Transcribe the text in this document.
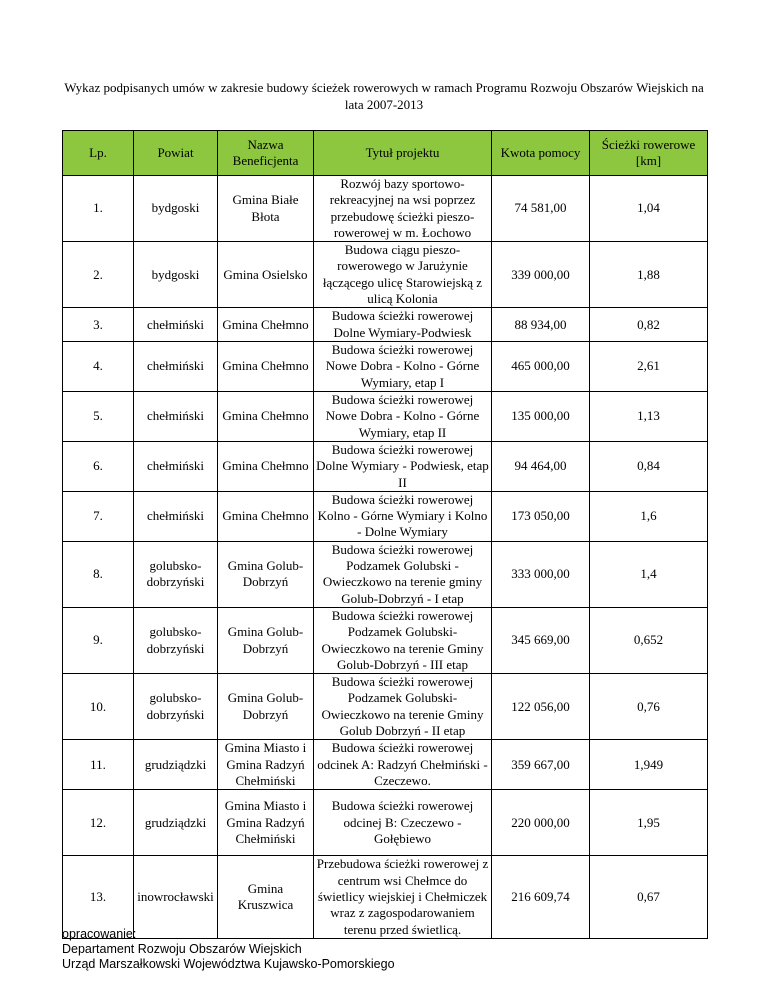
Wykaz podpisanych umów w zakresie budowy ścieżek rowerowych w ramach Programu Rozwoju Obszarów Wiejskich na lata 2007-2013
Lp.	Powiat	Nazwa Beneficjenta	Tytuł projektu	Kwota pomocy	Ścieżki rowerowe [km]
1.	bydgoski	Gmina Białe Błota	Rozwój bazy sportowo-rekreacyjnej na wsi poprzez przebudowę ścieżki pieszo-rowerowej w m. Łochowo	74 581,00	1,04
2.	bydgoski	Gmina Osielsko	Budowa ciągu pieszo-rowerowego w Jarużynie łączącego ulicę Starowiejską z ulicą Kolonia	339 000,00	1,88
3.	chełmiński	Gmina Chełmno	Budowa ścieżki rowerowej Dolne Wymiary-Podwiesk	88 934,00	0,82
4.	chełmiński	Gmina Chełmno	Budowa ścieżki rowerowej Nowe Dobra - Kolno - Górne Wymiary, etap I	465 000,00	2,61
5.	chełmiński	Gmina Chełmno	Budowa ścieżki rowerowej Nowe Dobra - Kolno - Górne Wymiary, etap II	135 000,00	1,13
6.	chełmiński	Gmina Chełmno	Budowa ścieżki rowerowej Dolne Wymiary - Podwiesk, etap II	94 464,00	0,84
7.	chełmiński	Gmina Chełmno	Budowa ścieżki rowerowej Kolno - Górne Wymiary i Kolno - Dolne Wymiary	173 050,00	1,6
8.	golubsko-dobrzyński	Gmina Golub-Dobrzyń	Budowa ścieżki rowerowej Podzamek Golubski - Owieczkowo na terenie gminy Golub-Dobrzyń - I etap	333 000,00	1,4
9.	golubsko-dobrzyński	Gmina Golub-Dobrzyń	Budowa ścieżki rowerowej Podzamek Golubski-Owieczkowo na terenie Gminy Golub-Dobrzyń - III etap	345 669,00	0,652
10.	golubsko-dobrzyński	Gmina Golub-Dobrzyń	Budowa ścieżki rowerowej Podzamek Golubski-Owieczkowo na terenie Gminy Golub Dobrzyń - II etap	122 056,00	0,76
11.	grudziądzki	Gmina Miasto i Gmina Radzyń Chełmiński	Budowa ścieżki rowerowej odcinek A: Radzyń Chełmiński - Czeczewo.	359 667,00	1,949
12.	grudziądzki	Gmina Miasto i Gmina Radzyń Chełmiński	Budowa ścieżki rowerowej odcinej B: Czeczewo - Gołębiewo	220 000,00	1,95
13.	inowrocławski	Gmina Kruszwica	Przebudowa ścieżki rowerowej z centrum wsi Chełmce do świetlicy wiejskiej i Chełmiczek wraz z zagospodarowaniem terenu przed świetlicą.	216 609,74	0,67
opracowanie:
Departament Rozwoju Obszarów Wiejskich
Urząd Marszałkowski Województwa Kujawsko-Pomorskiego
